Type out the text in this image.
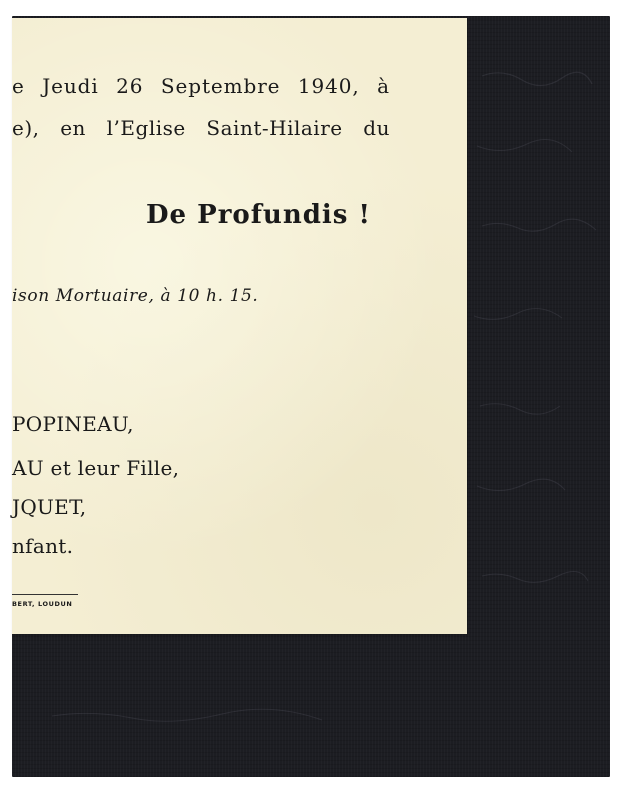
e Jeudi 26 Septembre 1940, à
e), en l’Eglise Saint-Hilaire du
De Profundis !
ison Mortuaire, à 10 h. 15.
POPINEAU,
AU et leur Fille,
JQUET,
nfant.
BERT, LOUDUN
